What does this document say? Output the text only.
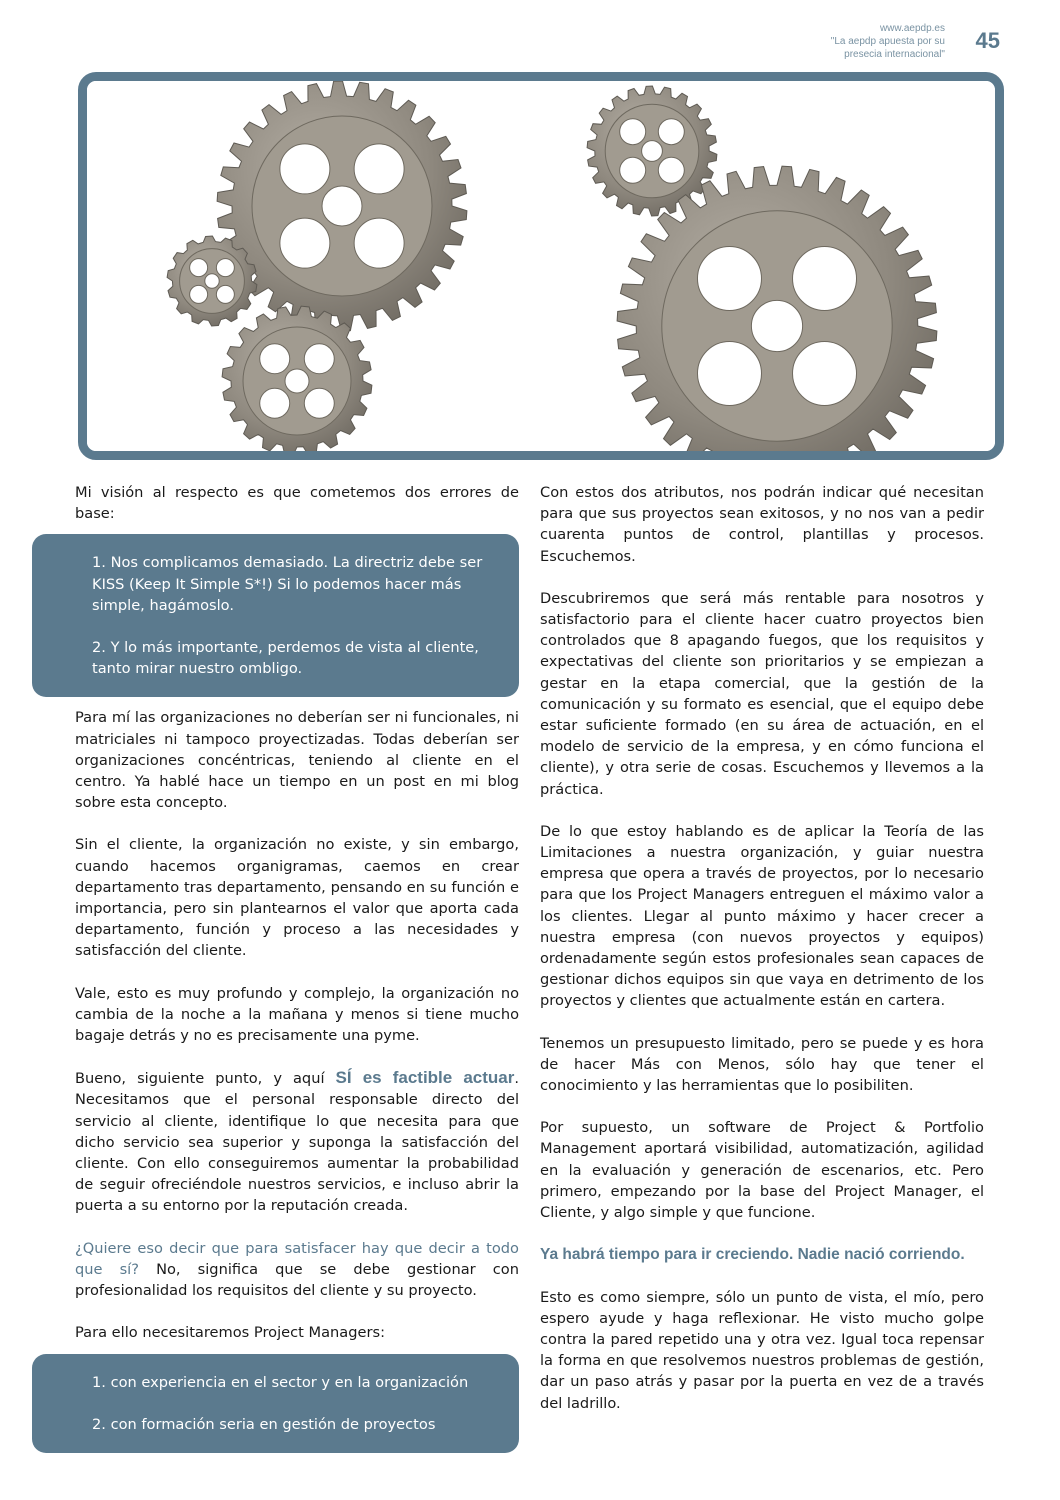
www.aepdp.es
"La aepdp apuesta por su
presecia internacional"
45

Mi visión al respecto es que cometemos dos errores de base:

1. Nos complicamos demasiado. La directriz debe ser KISS (Keep It Simple S*!) Si lo podemos hacer más simple, hagámoslo.

2. Y lo más importante, perdemos de vista al cliente, tanto mirar nuestro ombligo.

Para mí las organizaciones no deberían ser ni funcionales, ni matriciales ni tampoco proyectizadas. Todas deberían ser organizaciones concéntricas, teniendo al cliente en el centro. Ya hablé hace un tiempo en un post en mi blog sobre esta concepto.

Sin el cliente, la organización no existe, y sin embargo, cuando hacemos organigramas, caemos en crear departamento tras departamento, pensando en su función e importancia, pero sin plantearnos el valor que aporta cada departamento, función y proceso a las necesidades y satisfacción del cliente.

Vale, esto es muy profundo y complejo, la organización no cambia de la noche a la mañana y menos si tiene mucho bagaje detrás y no es precisamente una pyme.

Bueno, siguiente punto, y aquí SÍ es factible actuar. Necesitamos que el personal responsable directo del servicio al cliente, identifique lo que necesita para que dicho servicio sea superior y suponga la satisfacción del cliente. Con ello conseguiremos aumentar la probabilidad de seguir ofreciéndole nuestros servicios, e incluso abrir la puerta a su entorno por la reputación creada.

¿Quiere eso decir que para satisfacer hay que decir a todo que sí? No, significa que se debe gestionar con profesionalidad los requisitos del cliente y su proyecto.

Para ello necesitaremos Project Managers:

1. con experiencia en el sector y en la organización

2. con formación seria en gestión de proyectos

Con estos dos atributos, nos podrán indicar qué necesitan para que sus proyectos sean exitosos, y no nos van a pedir cuarenta puntos de control, plantillas y procesos. Escuchemos.

Descubriremos que será más rentable para nosotros y satisfactorio para el cliente hacer cuatro proyectos bien controlados que 8 apagando fuegos, que los requisitos y expectativas del cliente son prioritarios y se empiezan a gestar en la etapa comercial, que la gestión de la comunicación y su formato es esencial, que el equipo debe estar suficiente formado (en su área de actuación, en el modelo de servicio de la empresa, y en cómo funciona el cliente), y otra serie de cosas. Escuchemos y llevemos a la práctica.

De lo que estoy hablando es de aplicar la Teoría de las Limitaciones a nuestra organización, y guiar nuestra empresa que opera a través de proyectos, por lo necesario para que los Project Managers entreguen el máximo valor a los clientes. Llegar al punto máximo y hacer crecer a nuestra empresa (con nuevos proyectos y equipos) ordenadamente según estos profesionales sean capaces de gestionar dichos equipos sin que vaya en detrimento de los proyectos y clientes que actualmente están en cartera.

Tenemos un presupuesto limitado, pero se puede y es hora de hacer Más con Menos, sólo hay que tener el conocimiento y las herramientas que lo posibiliten.

Por supuesto, un software de Project & Portfolio Management aportará visibilidad, automatización, agilidad en la evaluación y generación de escenarios, etc. Pero primero, empezando por la base del Project Manager, el Cliente, y algo simple y que funcione.

Ya habrá tiempo para ir creciendo. Nadie nació corriendo.

Esto es como siempre, sólo un punto de vista, el mío, pero espero ayude y haga reflexionar. He visto mucho golpe contra la pared repetido una y otra vez. Igual toca repensar la forma en que resolvemos nuestros problemas de gestión, dar un paso atrás y pasar por la puerta en vez de a través del ladrillo.
